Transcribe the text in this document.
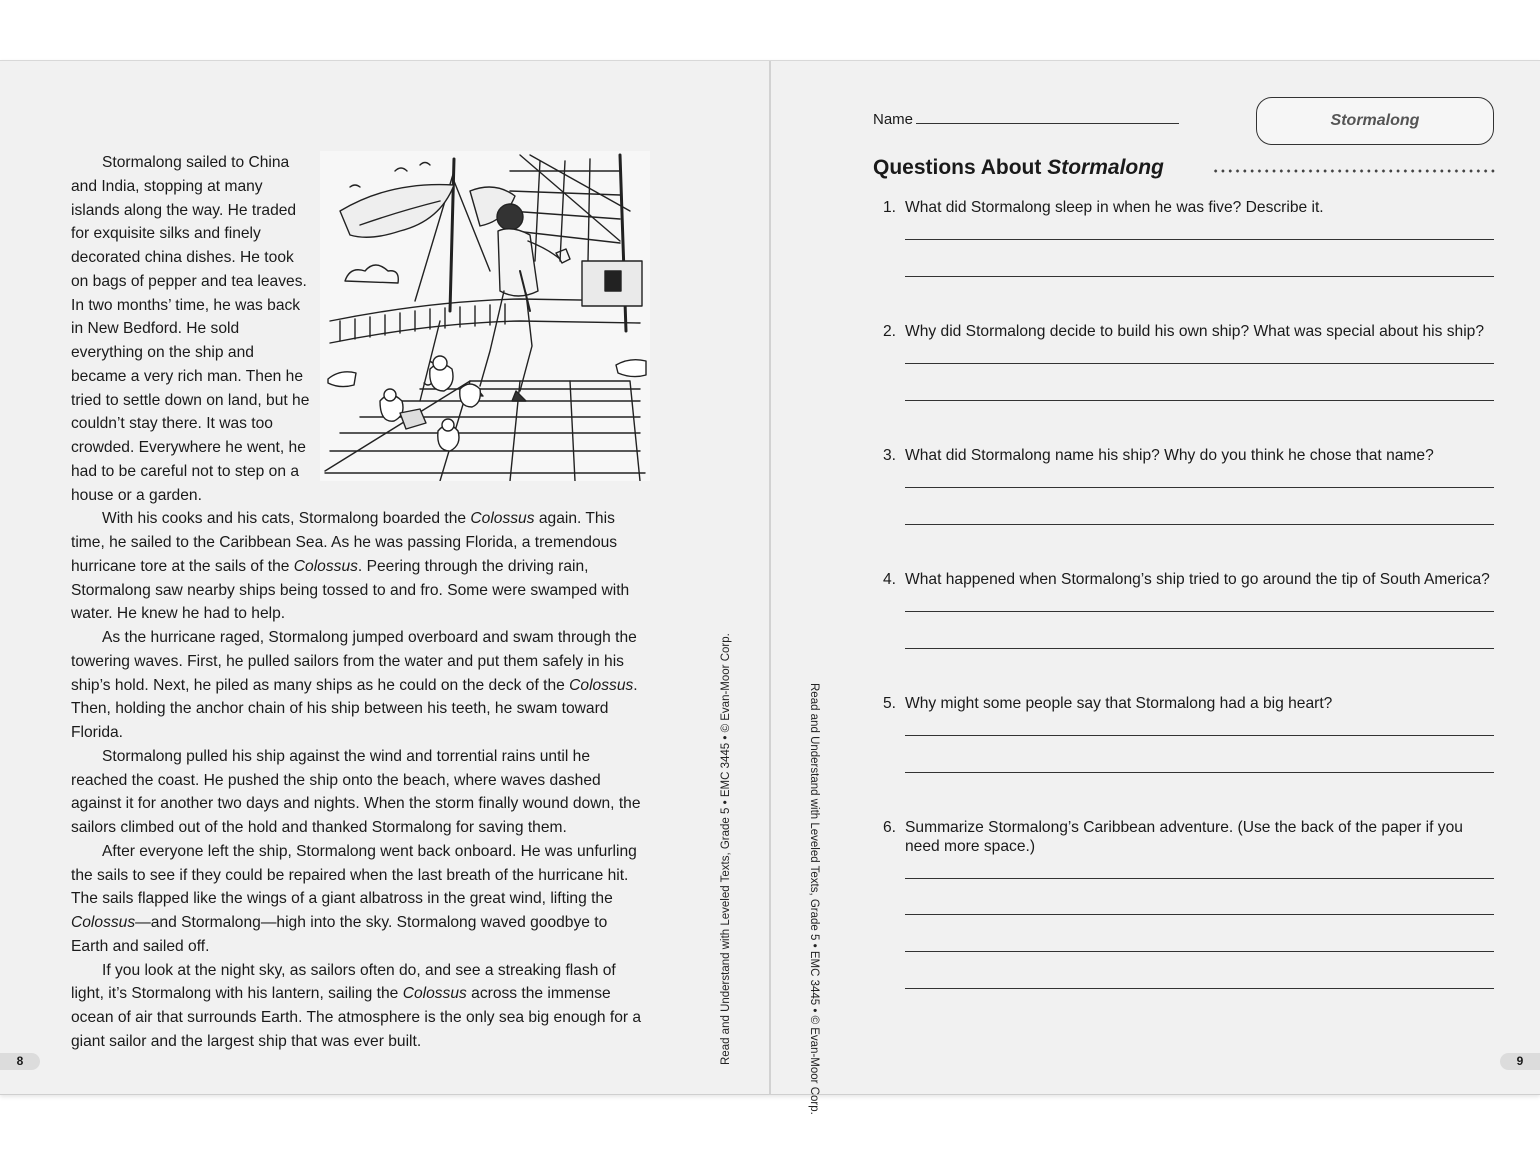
Stormalong sailed to China and India, stopping at many islands along the way. He traded for exquisite silks and finely decorated china dishes. He took on bags of pepper and tea leaves. In two months’ time, he was back in New Bedford. He sold everything on the ship and became a very rich man. Then he tried to settle down on land, but he couldn’t stay there. It was too crowded. Everywhere he went, he had to be careful not to step on a house or a garden.

With his cooks and his cats, Stormalong boarded the Colossus again. This time, he sailed to the Caribbean Sea. As he was passing Florida, a tremendous hurricane tore at the sails of the Colossus. Peering through the driving rain, Stormalong saw nearby ships being tossed to and fro. Some were swamped with water. He knew he had to help.

As the hurricane raged, Stormalong jumped overboard and swam through the towering waves. First, he pulled sailors from the water and put them safely in his ship’s hold. Next, he piled as many ships as he could on the deck of the Colossus. Then, holding the anchor chain of his ship between his teeth, he swam toward Florida.

Stormalong pulled his ship against the wind and torrential rains until he reached the coast. He pushed the ship onto the beach, where waves dashed against it for another two days and nights. When the storm finally wound down, the sailors climbed out of the hold and thanked Stormalong for saving them.

After everyone left the ship, Stormalong went back onboard. He was unfurling the sails to see if they could be repaired when the last breath of the hurricane hit. The sails flapped like the wings of a giant albatross in the great wind, lifting the Colossus—and Stormalong—high into the sky. Stormalong waved goodbye to Earth and sailed off.

If you look at the night sky, as sailors often do, and see a streaking flash of light, it’s Stormalong with his lantern, sailing the Colossus across the immense ocean of air that surrounds Earth. The atmosphere is the only sea big enough for a giant sailor and the largest ship that was ever built.

8	Read and Understand with Leveled Texts, Grade 5 • EMC 3445 • © Evan-Moor Corp.	Read and Understand with Leveled Texts, Grade 5 • EMC 3445 • © Evan-Moor Corp.
Name	Stormalong
Questions About Stormalong
1. What did Stormalong sleep in when he was five? Describe it.
2. Why did Stormalong decide to build his own ship? What was special about his ship?
3. What did Stormalong name his ship? Why do you think he chose that name?
4. What happened when Stormalong’s ship tried to go around the tip of South America?
5. Why might some people say that Stormalong had a big heart?
6. Summarize Stormalong’s Caribbean adventure. (Use the back of the paper if you need more space.)
9
